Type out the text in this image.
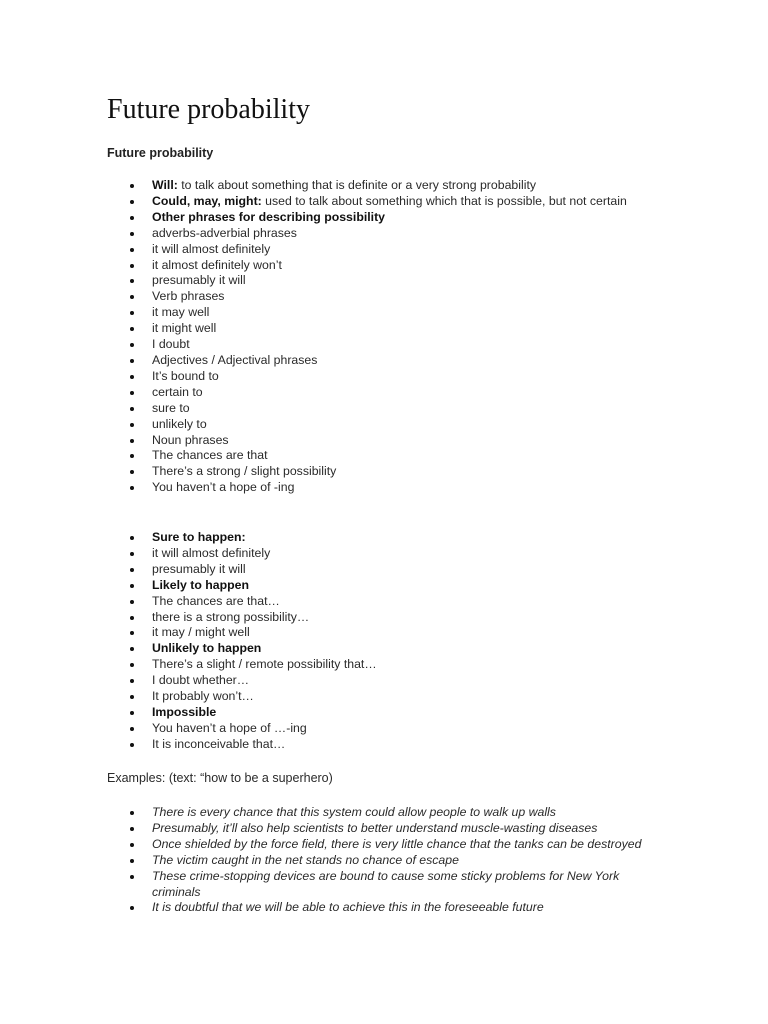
Future probability

Future probability

Will: to talk about something that is definite or a very strong probability
Could, may, might: used to talk about something which that is possible, but not certain
Other phrases for describing possibility
adverbs-adverbial phrases
it will almost definitely
it almost definitely won’t
presumably it will
Verb phrases
it may well
it might well
I doubt
Adjectives / Adjectival phrases
It’s bound to
certain to
sure to
unlikely to
Noun phrases
The chances are that
There’s a strong / slight possibility
You haven’t a hope of -ing
Sure to happen:
it will almost definitely
presumably it will
Likely to happen
The chances are that…
there is a strong possibility…
it may / might well
Unlikely to happen
There’s a slight / remote possibility that…
I doubt whether…
It probably won’t…
Impossible
You haven’t a hope of …-ing
It is inconceivable that…

Examples: (text: “how to be a superhero)

There is every chance that this system could allow people to walk up walls
Presumably, it’ll also help scientists to better understand muscle-wasting diseases
Once shielded by the force field, there is very little chance that the tanks can be destroyed
The victim caught in the net stands no chance of escape
These crime-stopping devices are bound to cause some sticky problems for New York criminals
It is doubtful that we will be able to achieve this in the foreseeable future
